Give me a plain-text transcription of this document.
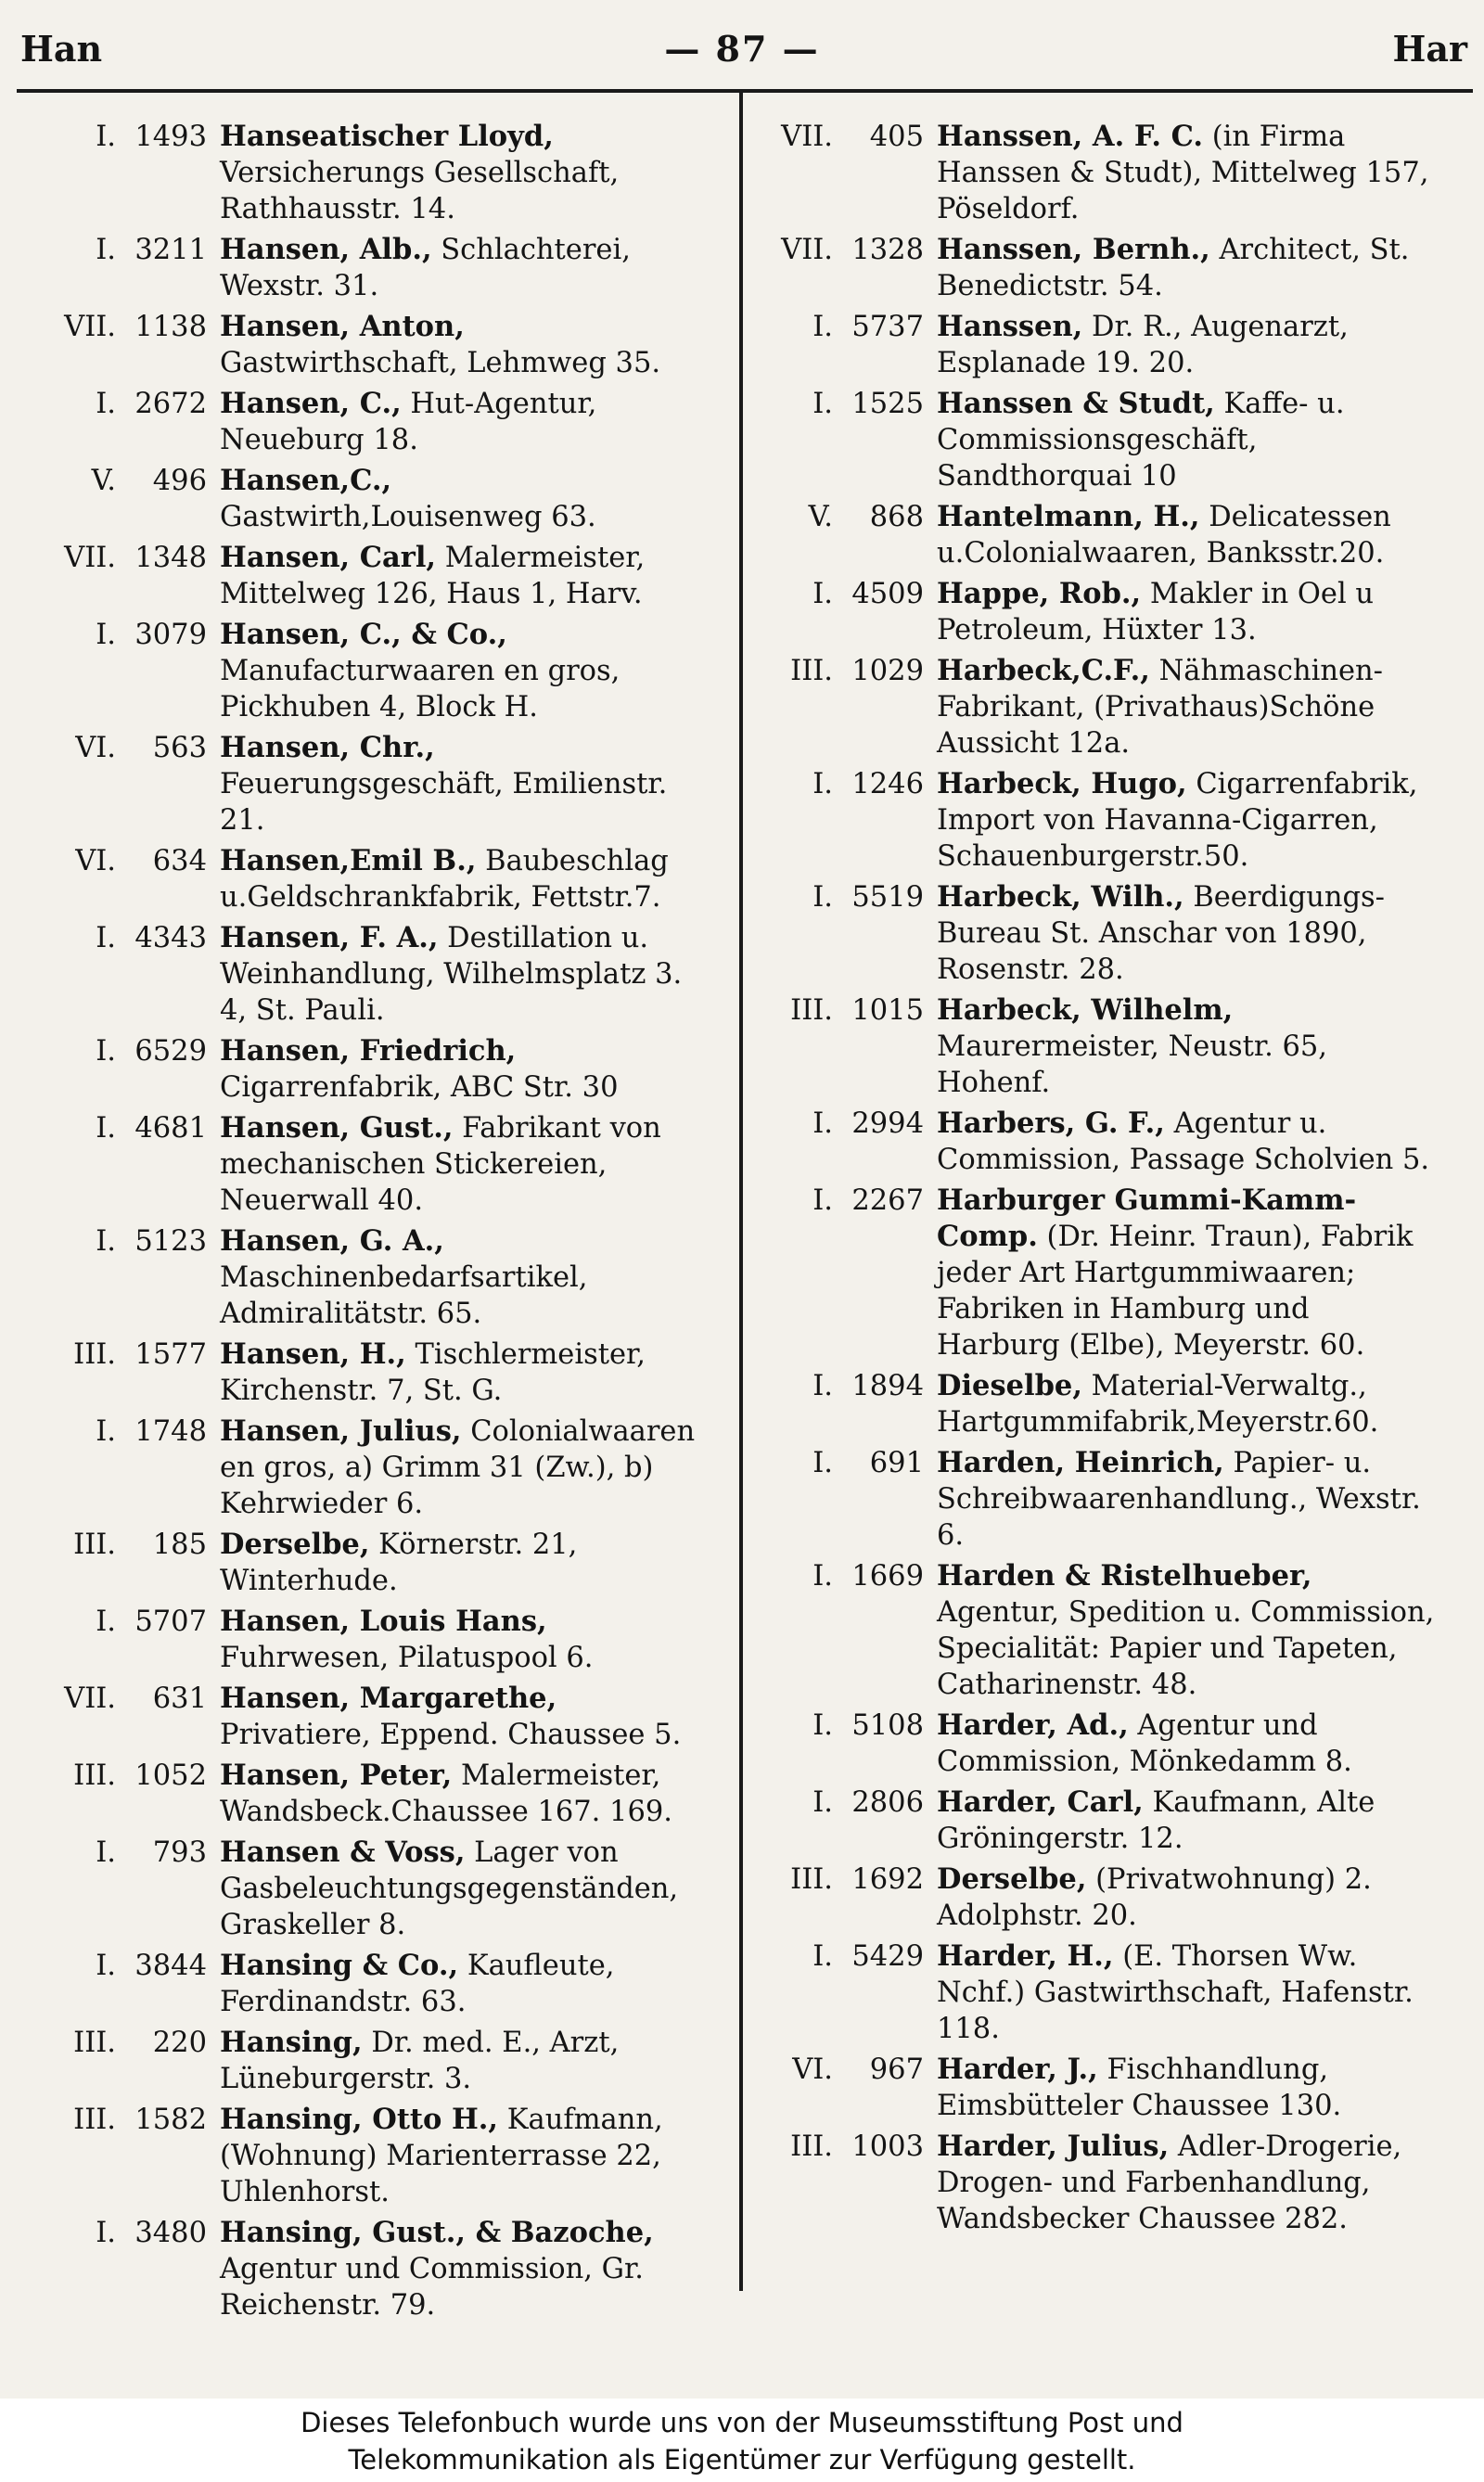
Han	— 87 —	Har
I. 1493 Hanseatischer Lloyd, Versicherungs Gesellschaft, Rathhausstr. 14.
I. 3211 Hansen, Alb., Schlachterei, Wexstr. 31.
VII. 1138 Hansen, Anton, Gastwirthschaft, Lehmweg 35.
I. 2672 Hansen, C., Hut-Agentur, Neueburg 18.
V.	496 Hansen,C., Gastwirth,Louisenweg 63.
VII. 1348 Hansen, Carl, Malermeister, Mittelweg 126, Haus 1, Harv.
I. 3079 Hansen, C., & Co., Manufacturwaaren en gros, Pickhuben 4, Block H.
VI.	563 Hansen, Chr., Feuerungsgeschäft, Emilienstr. 21.
VI.	634 Hansen,Emil B., Baubeschlag u.Geldschrankfabrik, Fettstr.7.
I. 4343 Hansen, F. A., Destillation u. Weinhandlung, Wilhelmsplatz 3. 4, St. Pauli.
I. 6529 Hansen, Friedrich, Cigarrenfabrik, ABC Str. 30
I. 4681 Hansen, Gust., Fabrikant von mechanischen Stickereien, Neuerwall 40.
I. 5123 Hansen, G. A., Maschinenbedarfsartikel, Admiralitätstr. 65.
III. 1577 Hansen, H., Tischlermeister, Kirchenstr. 7, St. G.
I. 1748 Hansen, Julius, Colonialwaaren en gros, a) Grimm 31 (Zw.), b) Kehrwieder 6.
III.	185 Derselbe, Körnerstr. 21, Winterhude.
I. 5707 Hansen, Louis Hans, Fuhrwesen, Pilatuspool 6.
VII.	631 Hansen, Margarethe, Privatiere, Eppend. Chaussee 5.
III. 1052 Hansen, Peter, Malermeister, Wandsbeck.Chaussee 167. 169.
I.	793 Hansen & Voss, Lager von Gasbeleuchtungsgegenständen, Graskeller 8.
I. 3844 Hansing & Co., Kaufleute, Ferdinandstr. 63.
III.	220 Hansing, Dr. med. E., Arzt, Lüneburgerstr. 3.
III. 1582 Hansing, Otto H., Kaufmann, (Wohnung) Marienterrasse 22, Uhlenhorst.
I. 3480 Hansing, Gust., & Bazoche, Agentur und Commission, Gr. Reichenstr. 79.
VII.	405 Hanssen, A. F. C. (in Firma Hanssen & Studt), Mittelweg 157, Pöseldorf.
VII. 1328 Hanssen, Bernh., Architect, St. Benedictstr. 54.
I. 5737 Hanssen, Dr. R., Augenarzt, Esplanade 19. 20.
I. 1525 Hanssen & Studt, Kaffe- u. Commissionsgeschäft, Sandthorquai 10
V.	868 Hantelmann, H., Delicatessen u.Colonialwaaren, Banksstr.20.
I. 4509 Happe, Rob., Makler in Oel u Petroleum, Hüxter 13.
III. 1029 Harbeck,C.F., Nähmaschinen-Fabrikant, (Privathaus)Schöne Aussicht 12a.
I. 1246 Harbeck, Hugo, Cigarrenfabrik, Import von Havanna-Cigarren, Schauenburgerstr.50.
I. 5519 Harbeck, Wilh., Beerdigungs-Bureau St. Anschar von 1890, Rosenstr. 28.
III. 1015 Harbeck, Wilhelm, Maurermeister, Neustr. 65, Hohenf.
I. 2994 Harbers, G. F., Agentur u. Commission, Passage Scholvien 5.
I. 2267 Harburger Gummi-Kamm-Comp. (Dr. Heinr. Traun), Fabrik jeder Art Hartgummiwaaren; Fabriken in Hamburg und Harburg (Elbe), Meyerstr. 60.
I. 1894 Dieselbe, Material-Verwaltg., Hartgummifabrik,Meyerstr.60.
I.	691 Harden, Heinrich, Papier- u. Schreibwaarenhandlung., Wexstr. 6.
I. 1669 Harden & Ristelhueber, Agentur, Spedition u. Commission, Specialität: Papier und Tapeten, Catharinenstr. 48.
I. 5108 Harder, Ad., Agentur und Commission, Mönkedamm 8.
I. 2806 Harder, Carl, Kaufmann, Alte Gröningerstr. 12.
III. 1692 Derselbe, (Privatwohnung) 2. Adolphstr. 20.
I. 5429 Harder, H., (E. Thorsen Ww. Nchf.) Gastwirthschaft, Hafenstr. 118.
VI.	967 Harder, J., Fischhandlung, Eimsbütteler Chaussee 130.
III. 1003 Harder, Julius, Adler-Drogerie, Drogen- und Farbenhandlung, Wandsbecker Chaussee 282.
Dieses Telefonbuch wurde uns von der Museumsstiftung Post und
Telekommunikation als Eigentümer zur Verfügung gestellt.
